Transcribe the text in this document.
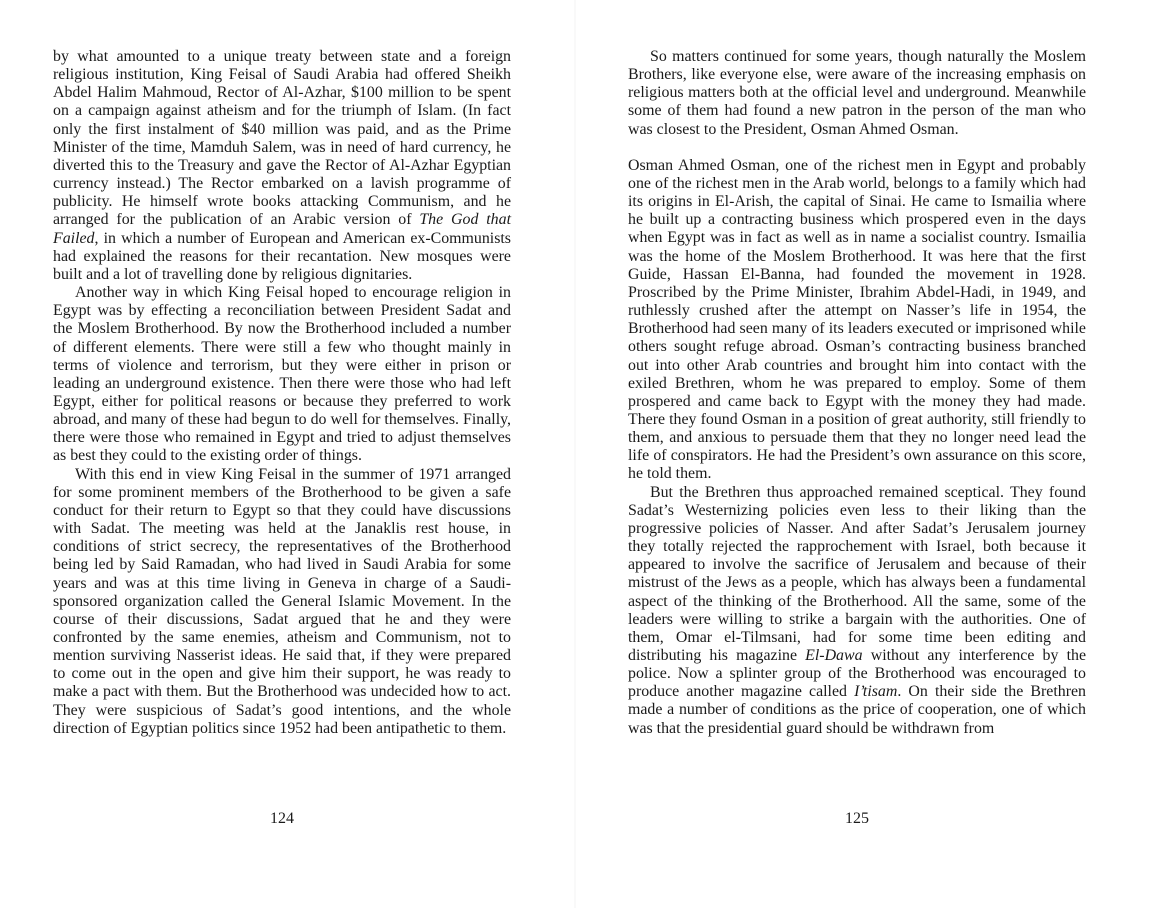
by what amounted to a unique treaty between state and a foreign religious institution, King Feisal of Saudi Arabia had offered Sheikh Abdel Halim Mahmoud, Rector of Al-Azhar, $100 million to be spent on a campaign against atheism and for the triumph of Islam. (In fact only the first instalment of $40 million was paid, and as the Prime Minister of the time, Mamduh Salem, was in need of hard currency, he diverted this to the Treasury and gave the Rector of Al-Azhar Egyptian currency instead.) The Rector embarked on a lavish programme of publicity. He himself wrote books attacking Communism, and he arranged for the publication of an Arabic version of The God that Failed, in which a number of European and American ex-Communists had explained the reasons for their recantation. New mosques were built and a lot of travelling done by religious dignitaries.

Another way in which King Feisal hoped to encourage religion in Egypt was by effecting a reconciliation between President Sadat and the Moslem Brotherhood. By now the Brotherhood included a number of different elements. There were still a few who thought mainly in terms of violence and terrorism, but they were either in prison or leading an underground existence. Then there were those who had left Egypt, either for political reasons or because they preferred to work abroad, and many of these had begun to do well for themselves. Finally, there were those who remained in Egypt and tried to adjust themselves as best they could to the existing order of things.

With this end in view King Feisal in the summer of 1971 arranged for some prominent members of the Brotherhood to be given a safe conduct for their return to Egypt so that they could have discussions with Sadat. The meeting was held at the Janaklis rest house, in conditions of strict secrecy, the representatives of the Brotherhood being led by Said Ramadan, who had lived in Saudi Arabia for some years and was at this time living in Geneva in charge of a Saudi-sponsored organization called the General Islamic Movement. In the course of their discussions, Sadat argued that he and they were confronted by the same enemies, atheism and Communism, not to mention surviving Nasserist ideas. He said that, if they were prepared to come out in the open and give him their support, he was ready to make a pact with them. But the Brotherhood was undecided how to act. They were suspicious of Sadat’s good intentions, and the whole direction of Egyptian politics since 1952 had been antipathetic to them.

124

So matters continued for some years, though naturally the Moslem Brothers, like everyone else, were aware of the increasing emphasis on religious matters both at the official level and underground. Meanwhile some of them had found a new patron in the person of the man who was closest to the President, Osman Ahmed Osman.

Osman Ahmed Osman, one of the richest men in Egypt and probably one of the richest men in the Arab world, belongs to a family which had its origins in El-Arish, the capital of Sinai. He came to Ismailia where he built up a contracting business which prospered even in the days when Egypt was in fact as well as in name a socialist country. Ismailia was the home of the Moslem Brotherhood. It was here that the first Guide, Hassan El-Banna, had founded the movement in 1928. Proscribed by the Prime Minister, Ibrahim Abdel-Hadi, in 1949, and ruthlessly crushed after the attempt on Nasser’s life in 1954, the Brotherhood had seen many of its leaders executed or imprisoned while others sought refuge abroad. Osman’s contracting business branched out into other Arab countries and brought him into contact with the exiled Brethren, whom he was prepared to employ. Some of them prospered and came back to Egypt with the money they had made. There they found Osman in a position of great authority, still friendly to them, and anxious to persuade them that they no longer need lead the life of conspirators. He had the President’s own assurance on this score, he told them.

But the Brethren thus approached remained sceptical. They found Sadat’s Westernizing policies even less to their liking than the progressive policies of Nasser. And after Sadat’s Jerusalem journey they totally rejected the rapprochement with Israel, both because it appeared to involve the sacrifice of Jerusalem and because of their mistrust of the Jews as a people, which has always been a fundamental aspect of the thinking of the Brotherhood. All the same, some of the leaders were willing to strike a bargain with the authorities. One of them, Omar el-Tilmsani, had for some time been editing and distributing his magazine El-Dawa without any interference by the police. Now a splinter group of the Brotherhood was encouraged to produce another magazine called I’tisam. On their side the Brethren made a number of conditions as the price of cooperation, one of which was that the presidential guard should be withdrawn from

125
